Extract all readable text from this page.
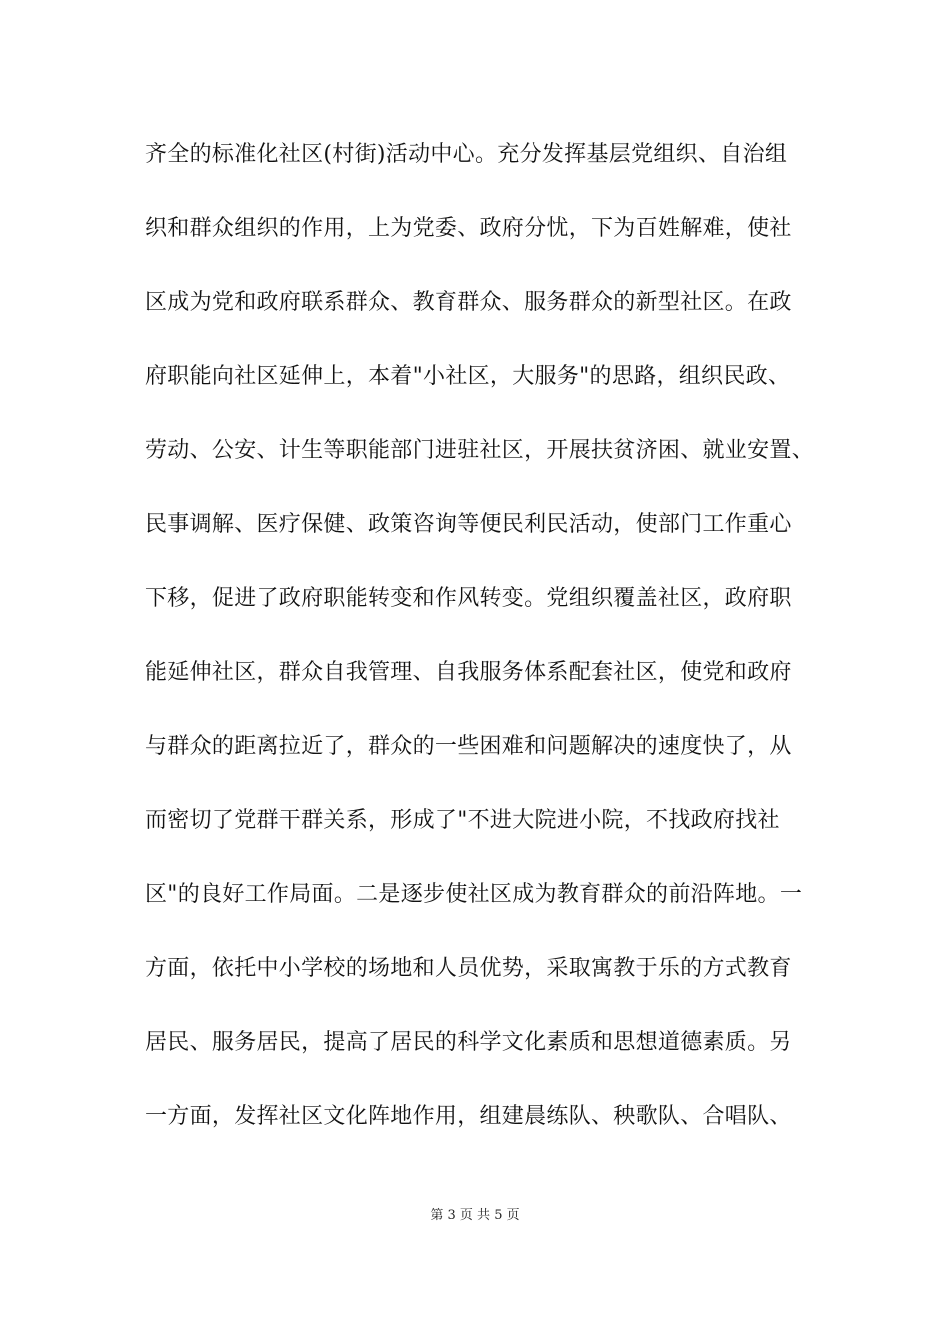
齐全的标准化社区(村街)活动中心。充分发挥基层党组织、自治组
织和群众组织的作用，上为党委、政府分忧，下为百姓解难，使社
区成为党和政府联系群众、教育群众、服务群众的新型社区。在政
府职能向社区延伸上，本着"小社区，大服务"的思路，组织民政、
劳动、公安、计生等职能部门进驻社区，开展扶贫济困、就业安置、
民事调解、医疗保健、政策咨询等便民利民活动，使部门工作重心
下移，促进了政府职能转变和作风转变。党组织覆盖社区，政府职
能延伸社区，群众自我管理、自我服务体系配套社区，使党和政府
与群众的距离拉近了，群众的一些困难和问题解决的速度快了，从
而密切了党群干群关系，形成了"不进大院进小院，不找政府找社
区"的良好工作局面。二是逐步使社区成为教育群众的前沿阵地。一
方面，依托中小学校的场地和人员优势，采取寓教于乐的方式教育
居民、服务居民，提高了居民的科学文化素质和思想道德素质。另
一方面，发挥社区文化阵地作用，组建晨练队、秧歌队、合唱队、
第 3 页 共 5 页
